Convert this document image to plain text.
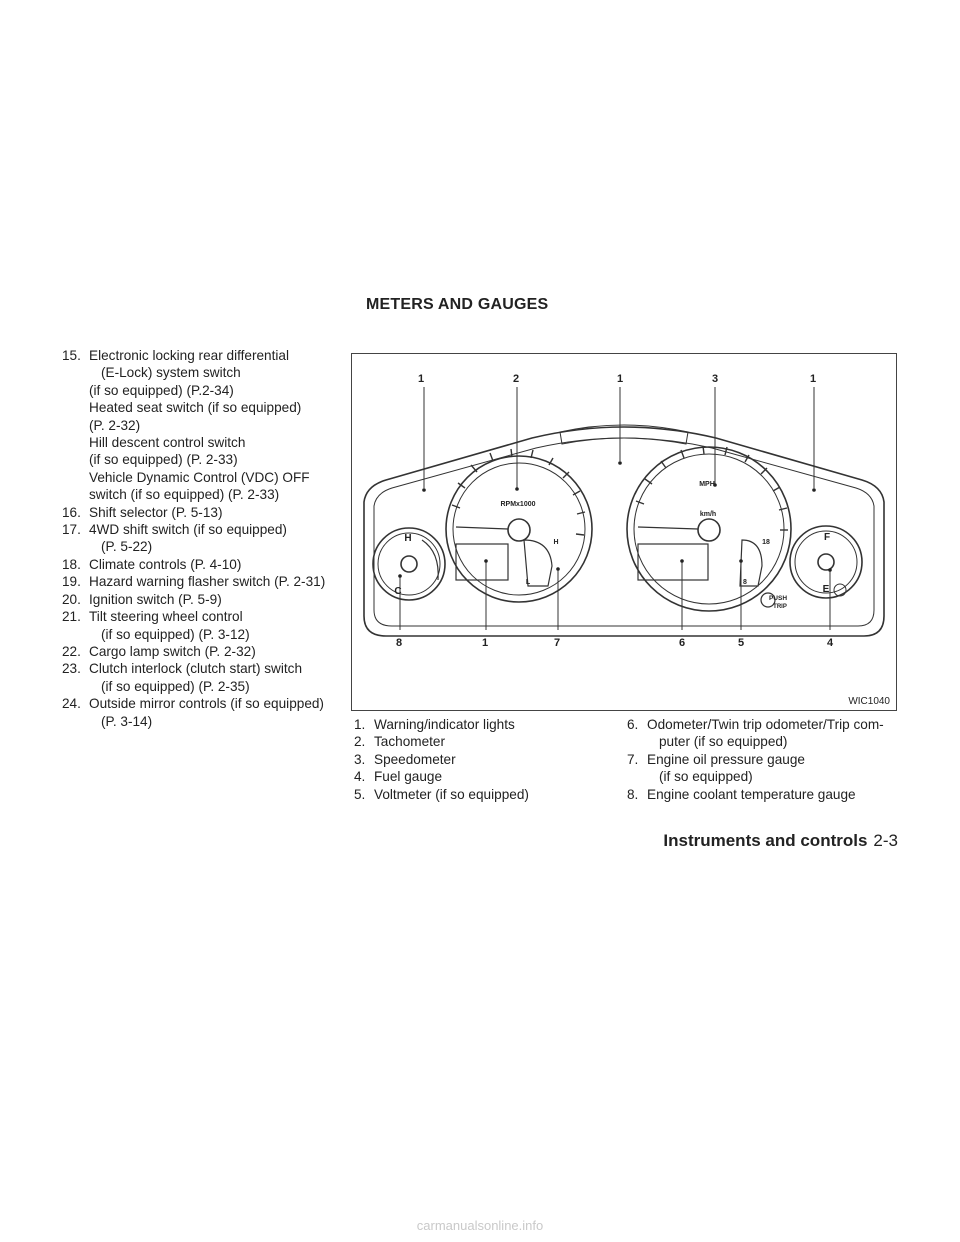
METERS AND GAUGES
15. Electronic locking rear differential
(E-Lock) system switch
(if so equipped) (P.2-34)
Heated seat switch (if so equipped)
(P. 2-32)
Hill descent control switch
(if so equipped) (P. 2-33)
Vehicle Dynamic Control (VDC) OFF
switch (if so equipped) (P. 2-33)
16. Shift selector (P. 5-13)
17. 4WD shift switch (if so equipped)
(P. 5-22)
18. Climate controls (P. 4-10)
19. Hazard warning flasher switch (P. 2-31)
20. Ignition switch (P. 5-9)
21. Tilt steering wheel control
(if so equipped) (P. 3-12)
22. Cargo lamp switch (P. 2-32)
23. Clutch interlock (clutch start) switch
(if so equipped) (P. 2-35)
24. Outside mirror controls (if so equipped)
(P. 3-14)
1	2	1	3	1
8	1	7	6	5	4
RPMx1000
MPH
km/h
H
C
H
L
18
8
F
E
PUSH
TRIP
WIC1040
1. Warning/indicator lights
2. Tachometer
3. Speedometer
4. Fuel gauge
5. Voltmeter (if so equipped)
6. Odometer/Twin trip odometer/Trip com-
puter (if so equipped)
7. Engine oil pressure gauge
(if so equipped)
8. Engine coolant temperature gauge
Instruments and controls 2-3
carmanualsonline.info
